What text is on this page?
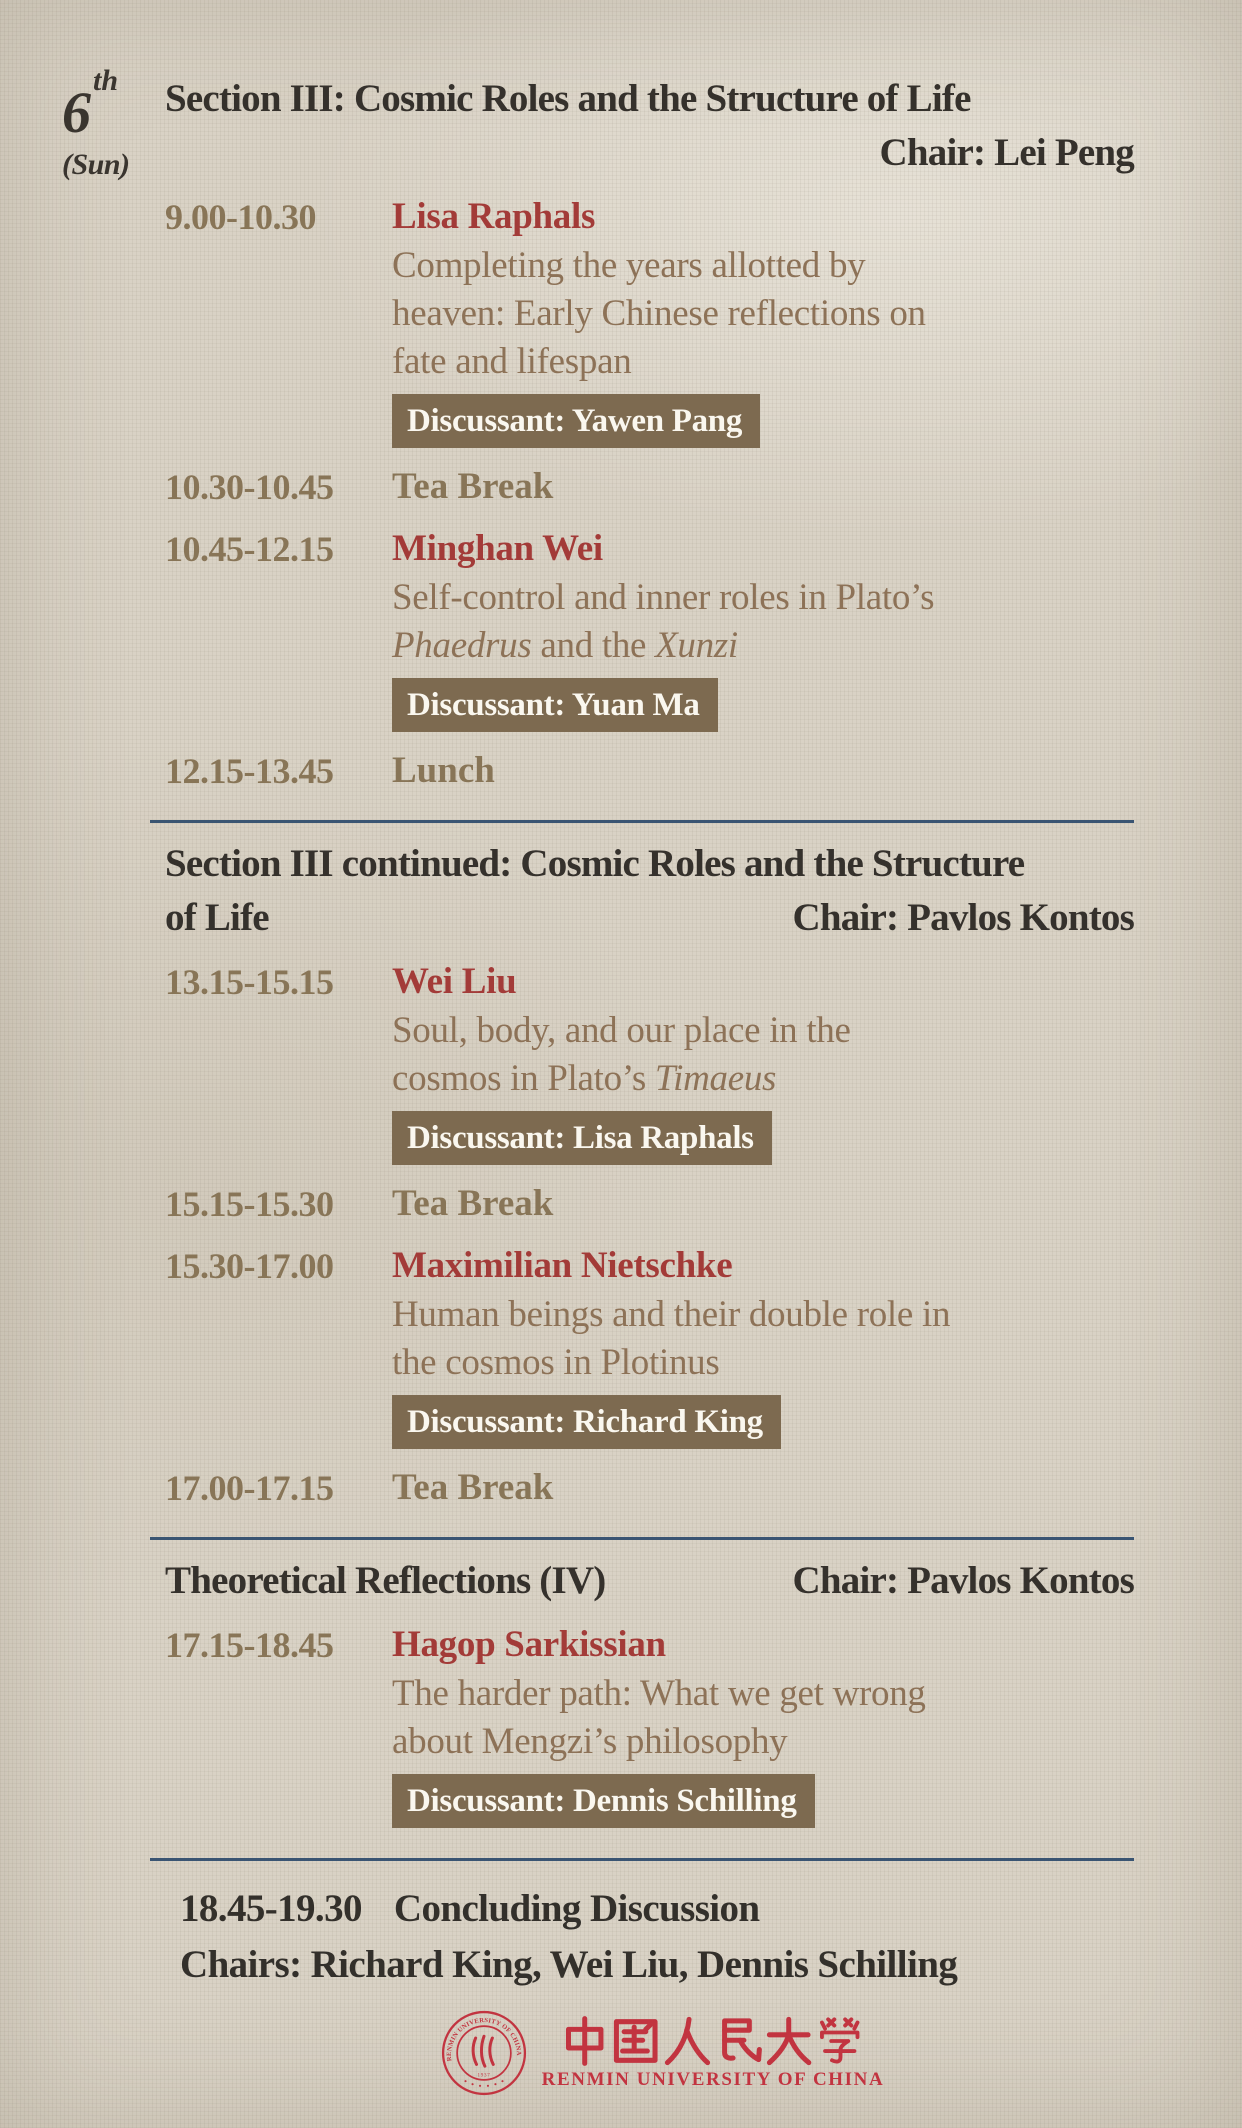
6th
(Sun)
Section III: Cosmic Roles and the Structure of Life
Chair: Lei Peng
9.00-10.30	Lisa Raphals
Completing the years allotted by
heaven: Early Chinese reflections on
fate and lifespan
Discussant: Yawen Pang
10.30-10.45	Tea Break
10.45-12.15	Minghan Wei
Self-control and inner roles in Plato’s
Phaedrus and the Xunzi
Discussant: Yuan Ma
12.15-13.45	Lunch
Section III continued: Cosmic Roles and the Structure
of Life	Chair: Pavlos Kontos
13.15-15.15	Wei Liu
Soul, body, and our place in the
cosmos in Plato’s Timaeus
Discussant: Lisa Raphals
15.15-15.30	Tea Break
15.30-17.00	Maximilian Nietschke
Human beings and their double role in
the cosmos in Plotinus
Discussant: Richard King
17.00-17.15	Tea Break
Theoretical Reflections (IV)	Chair: Pavlos Kontos
17.15-18.45	Hagop Sarkissian
The harder path: What we get wrong
about Mengzi’s philosophy
Discussant: Dennis Schilling
18.45-19.30 Concluding Discussion
Chairs: Richard King, Wei Liu, Dennis Schilling
RENMIN UNIVERSITY OF CHINA
1937	RENMIN UNIVERSITY OF CHINA
